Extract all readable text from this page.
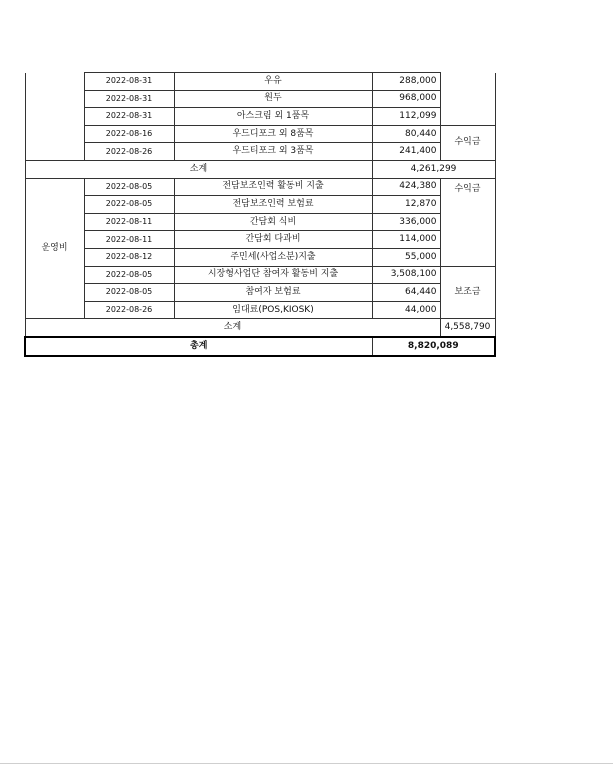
	2022-08-31	우유	288,000	
	2022-08-31	원두	968,000	
	2022-08-31	아스크림 외 1품목	112,099	
	2022-08-16	우드디포크 외 8품목	80,440	수익금
	2022-08-26	우드티포크 외 3품목	241,400	
소계			4,261,299	
운영비	2022-08-05	전담보조인력 활동비 지출	424,380	수익금
	2022-08-05	전담보조인력 보험료	12,870	
	2022-08-11	간담회 식비	336,000	
	2022-08-11	간담회 다과비	114,000	
	2022-08-12	주민세(사업소분)지출	55,000	
	2022-08-05	시장형사업단 참여자 활동비 지출	3,508,100	보조금
	2022-08-05	참여자 보험료	64,440	
	2022-08-26	임대료(POS,KIOSK)	44,000	
소계				4,558,790
총계			8,820,089	
